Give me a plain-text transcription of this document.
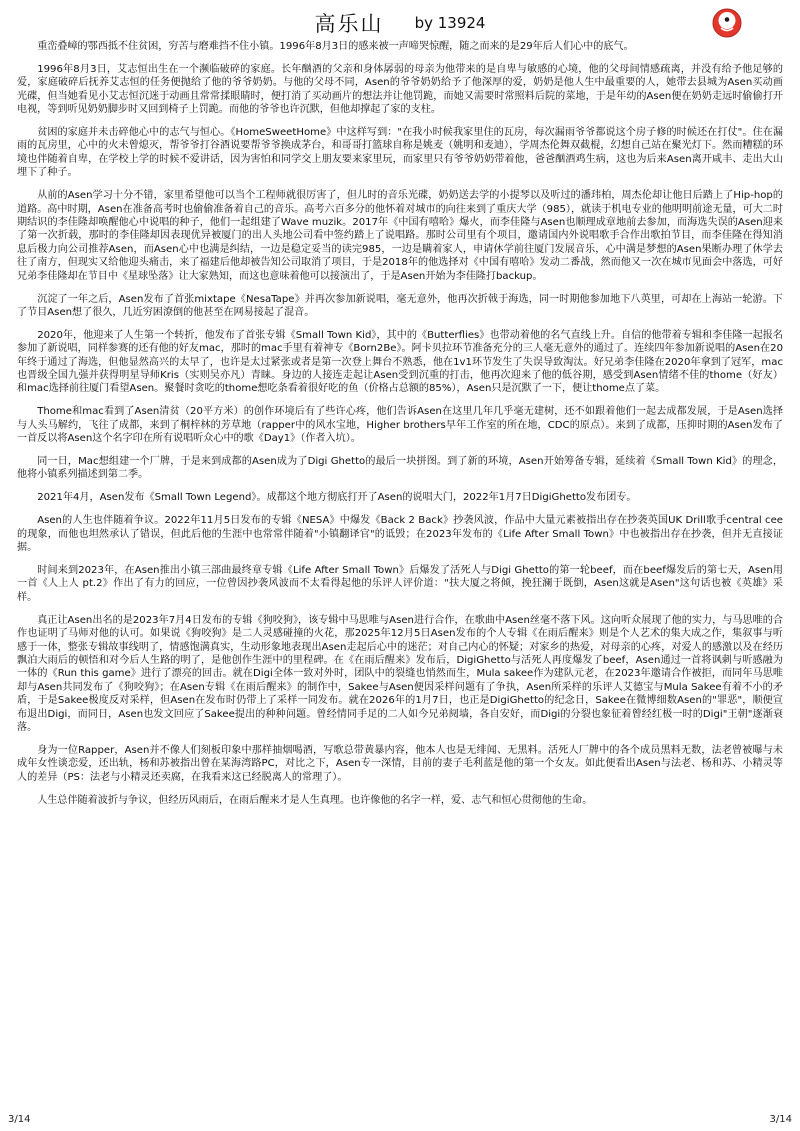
高乐山 by 13924

重峦叠嶂的鄂西抵不住贫困，穷苦与磨难挡不住小镇。1996年8月3日的感来被一声啼哭惊醒，随之而来的是29年后人们心中的底气。

1996年8月3日，艾志恒出生在一个濒临破碎的家庭。长年酗酒的父亲和身体孱弱的母亲为他带来的是自卑与敏感的心境，他的父母间情感疏离，并没有给予他足够的爱，家庭破碎后抚养艾志恒的任务便抛给了他的爷爷奶奶。与他的父母不同，Asen的爷爷奶奶给予了他深厚的爱，奶奶是他人生中最重要的人，她带去县城为Asen买动画光碟，但当她看见小艾志恒沉迷于动画且常常揉眼睛时，便打消了买动画片的想法并让他罚跪，而她又需要时常照料后院的菜地，于是年幼的Asen便在奶奶走远时偷偷打开电视，等到听见奶奶脚步时又回到椅子上罚跪。而他的爷爷也许沉默，但他却撑起了家的支柱。

贫困的家庭并未击碎他心中的志气与恒心。《HomeSweetHome》中这样写到："在我小时候我家里住的瓦房，每次漏雨爷爷都说这个房子修的时候还在打仗"。住在漏雨的瓦房里，心中的火未曾熄灭，帮爷爷打谷酒说要帮爷爷换成茅台，和哥哥打篮球自称是姚麦（姚明和麦迪），学周杰伦舞双截棍，幻想自己站在聚光灯下。然而糟糕的环境也伴随着自卑，在学校上学的时候不爱讲话，因为害怕和同学交上朋友要来家里玩，而家里只有爷爷奶奶带着他，爸爸酗酒鸡生病，这也为后来Asen离开咸丰、走出大山埋下了种子。

从前的Asen学习十分不错，家里希望他可以当个工程师就很厉害了，但儿时的音乐光碟，奶奶送去学的小提琴以及听过的潘玮柏，周杰伦却让他日后踏上了Hip-hop的道路。高中时期，Asen在准备高考时也偷偷准备着自己的音乐。高考六百多分的他怀着对城市的向往来到了重庆大学（985），就读于机电专业的他明明前途无量，可大二时期结识的李佳隆却唤醒他心中说唱的种子，他们一起组建了Wave muzik。2017年《中国有嘻哈》爆火，而李佳隆与Asen也顺理成章地前去参加，而海选失误的Asen迎来了第一次折载，那时的李佳隆却因表现优异被厦门的出人头地公司看中签约踏上了说唱路。那时公司里有个项目，邀请国内外说唱歌手合作出歌拍节目，而李佳隆在得知消息后极力向公司推荐Asen，而Asen心中也满是纠结，一边是稳定妥当的读完985，一边是瞒着家人，申请休学前往厦门发展音乐，心中满是梦想的Asen果断办理了休学去往了南方，但现实又给他迎头痛击，来了福建后他却被告知公司取消了项目，于是2018年的他选择对《中国有嘻哈》发动二番战，然而他又一次在城市见面会中落选，可好兄弟李佳隆却在节目中《星球坠落》让大家熟知，而这也意味着他可以接演出了，于是Asen开始为李佳隆打backup。

沉淀了一年之后，Asen发布了首张mixtape《NesaTape》并再次参加新说唱，毫无意外，他再次折戟于海选，同一时期他参加地下八英里，可却在上海站一轮游。下了节目Asen想了很久，几近穷困潦倒的他甚至在网易接起了混音。

2020年，他迎来了人生第一个转折，他发布了首张专辑《Small Town Kid》，其中的《Butterflies》也带动着他的名气直线上升。自信的他带着专辑和李佳隆一起报名参加了新说唱，同样参赛的还有他的好友mac，那时的mac手里有着神专《Born2Be》。阿卡贝拉环节准备充分的三人毫无意外的通过了。连续四年参加新说唱的Asen在20年终于通过了海选，但他显然高兴的太早了，也许是太过紧张或者是第一次登上舞台不熟悉，他在1v1环节发生了失误导致淘汰。好兄弟李佳隆在2020年拿到了冠军，mac也晋级全国九强并获得明星导师Kris（实则吴亦凡）青睐。身边的人接连走起让Asen受到沉重的打击，他再次迎来了他的低谷期，感受到Asen情绪不佳的thome（好友）和mac选择前往厦门看望Asen。聚餐时贪吃的thome想吃条看着很好吃的鱼（价格占总额的85%），Asen只是沉默了一下，便让thome点了菜。

Thome和mac看到了Asen清贫（20平方米）的创作环境后有了些许心疼，他们告诉Asen在这里几年几乎毫无建树，还不如跟着他们一起去成都发展，于是Asen选择与人头马解约，飞往了成都，来到了桐梓林的芳草地（rapper中的风水宝地，Higher brothers早年工作室的所在地，CDC的原点）。来到了成都，压抑时期的Asen发布了一首反以将Asen这个名字印在所有说唱听众心中的歌《Day1》（作者入坑）。

同一日，Mac想组建一个厂牌，于是来到成都的Asen成为了Digi Ghetto的最后一块拼图。到了新的环境，Asen开始筹备专辑，延续着《Small Town Kid》的理念，他将小镇系列描述到第二季。

2021年4月，Asen发布《Small Town Legend》。成都这个地方彻底打开了Asen的说唱大门，2022年1月7日DigiGhetto发布团专。

Asen的人生也伴随着争议。2022年11月5日发布的专辑《NESA》中爆发《Back 2 Back》抄袭风波，作品中大量元素被指出存在抄袭英国UK Drill歌手central cee的现象，而他也坦然承认了错误，但此后他的生涯中也常常伴随着"小镇翻译官"的诋毁；在2023年发布的《Life After Small Town》中也被指出存在抄袭，但并无直接证据。

时间来到2023年，在Asen推出小镇三部曲最终章专辑《Life After Small Town》后爆发了活死人与Digi Ghetto的第一轮beef，而在beef爆发后的第七天，Asen用一首《人上人 pt.2》作出了有力的回应，一位曾因抄袭风波而不太看得起他的乐评人评价道："扶大厦之将倾，挽狂澜于既倒，Asen这就是Asen"这句话也被《英雄》采样。

真正让Asen出名的是2023年7月4日发布的专辑《狗咬狗》，该专辑中马思唯与Asen进行合作，在歌曲中Asen丝毫不落下风。这向听众展现了他的实力，与马思唯的合作也证明了马师对他的认可。如果说《狗咬狗》是二人灵感碰撞的火花，那2025年12月5日Asen发布的个人专辑《在雨后醒来》则是个人艺术的集大成之作，集叙事与听感于一体，整张专辑故事线明了，情感饱满真实，生动形象地表现出Asen走起后心中的迷茫；对自己内心的怀疑；对家乡的热爱，对母亲的心疼，对爱人的感激以及在经历飘泊大雨后的顿悟和对今后人生路的明了，是他创作生涯中的里程碑。在《在雨后醒来》发布后，DigiGhetto与活死人再度爆发了beef，Asen通过一首将讽刺与听感融为一体的《Run this game》进行了漂亮的回击。就在Digi全体一致对外时，团队中的裂缝也悄然而生，Mula sakee作为建队元老，在2023年邀请合作被拒，而同年马思唯却与Asen共同发布了《狗咬狗》；在Asen专辑《在雨后醒来》的制作中，Sakee与Asen便因采样问题有了争执，Asen所采样的乐评人艾德宝与Mula Sakee有着不小的矛盾，于是Sakee极度反对采样，但Asen在发布时仍带上了采样一同发布。就在2026年的1月7日，也正是DigiGhetto的纪念日，Sakee在微博细数Asen的"罪恶"，顺便宣布退出Digi，而同日，Asen也发文回应了Sakee提出的种种问题。曾经情同手足的二人如今兄弟阋墙，各自安好，而Digi的分裂也象征着曾经红极一时的Digi"王朝"逐渐衰落。

身为一位Rapper，Asen并不像人们刻板印象中那样抽烟喝酒，写歌总带黄暴内容，他本人也是无绯闻、无黑料。活死人厂牌中的各个成员黑料无数，法老曾被曝与未成年女性谈恋爱，还出轨，杨和苏被指出曾在某海湾路PC，对比之下，Asen专一深情，目前的妻子毛利蓝是他的第一个女友。如此便看出Asen与法老、杨和苏、小精灵等人的差异（PS：法老与小精灵还卖腐，在我看来这已经脱离人的常理了）。

人生总伴随着波折与争议，但经历风雨后，在雨后醒来才是人生真理。也许像他的名字一样，爱、志气和恒心贯彻他的生命。

3/14	3/14
